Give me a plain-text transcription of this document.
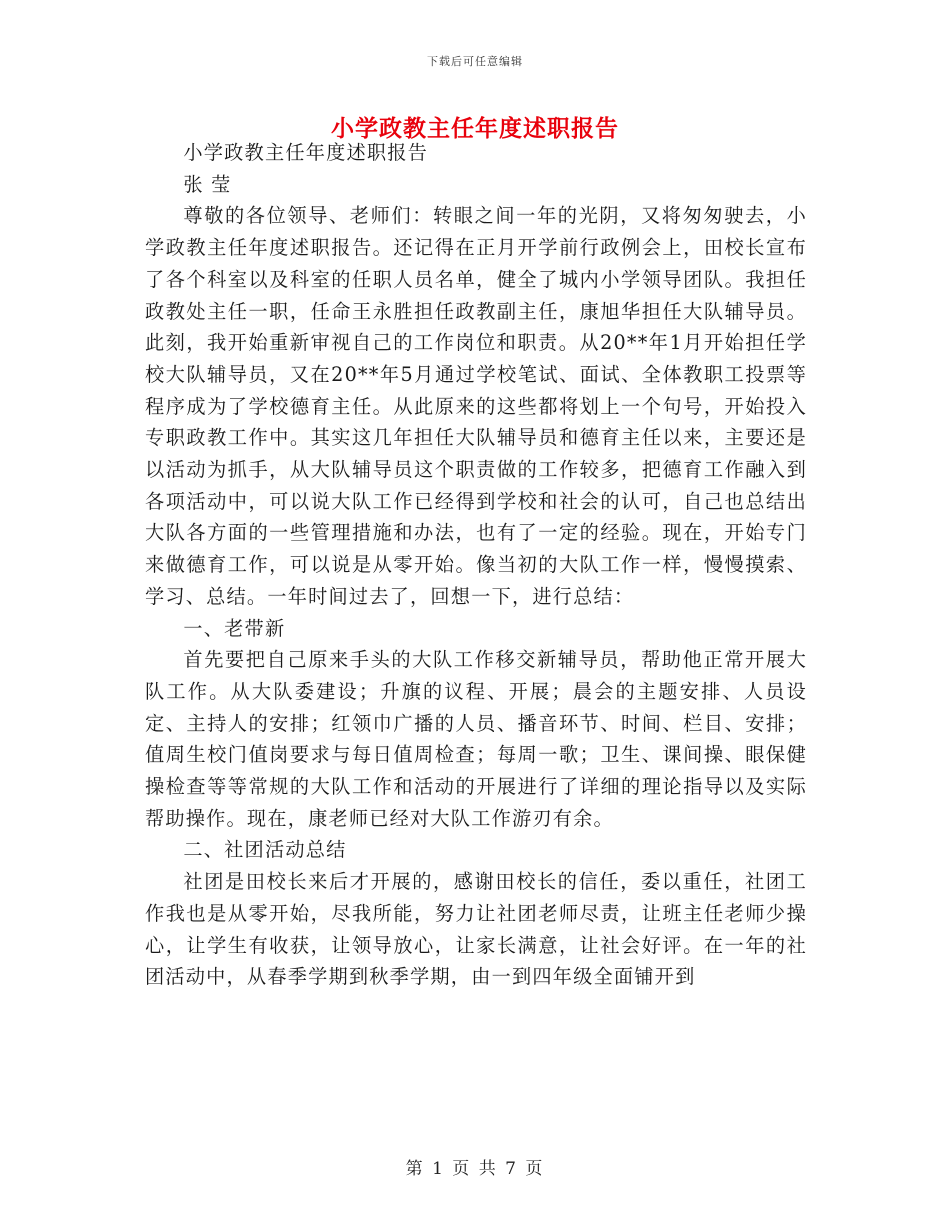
下载后可任意编辑
小学政教主任年度述职报告

小学政教主任年度述职报告

张 莹

尊敬的各位领导、老师们：转眼之间一年的光阴，又将匆匆驶去，小学政教主任年度述职报告。还记得在正月开学前行政例会上，田校长宣布了各个科室以及科室的任职人员名单，健全了城内小学领导团队。我担任政教处主任一职，任命王永胜担任政教副主任，康旭华担任大队辅导员。此刻，我开始重新审视自己的工作岗位和职责。从20**年1月开始担任学校大队辅导员，又在20**年5月通过学校笔试、面试、全体教职工投票等程序成为了学校德育主任。从此原来的这些都将划上一个句号，开始投入专职政教工作中。其实这几年担任大队辅导员和德育主任以来，主要还是以活动为抓手，从大队辅导员这个职责做的工作较多，把德育工作融入到各项活动中，可以说大队工作已经得到学校和社会的认可，自己也总结出大队各方面的一些管理措施和办法，也有了一定的经验。现在，开始专门来做德育工作，可以说是从零开始。像当初的大队工作一样，慢慢摸索、学习、总结。一年时间过去了，回想一下，进行总结：

一、老带新

首先要把自己原来手头的大队工作移交新辅导员，帮助他正常开展大队工作。从大队委建设；升旗的议程、开展；晨会的主题安排、人员设定、主持人的安排；红领巾广播的人员、播音环节、时间、栏目、安排；值周生校门值岗要求与每日值周检查；每周一歌；卫生、课间操、眼保健操检查等等常规的大队工作和活动的开展进行了详细的理论指导以及实际帮助操作。现在，康老师已经对大队工作游刃有余。

二、社团活动总结

社团是田校长来后才开展的，感谢田校长的信任，委以重任，社团工作我也是从零开始，尽我所能，努力让社团老师尽责，让班主任老师少操心，让学生有收获，让领导放心，让家长满意，让社会好评。在一年的社团活动中，从春季学期到秋季学期，由一到四年级全面铺开到

第 1 页 共 7 页
